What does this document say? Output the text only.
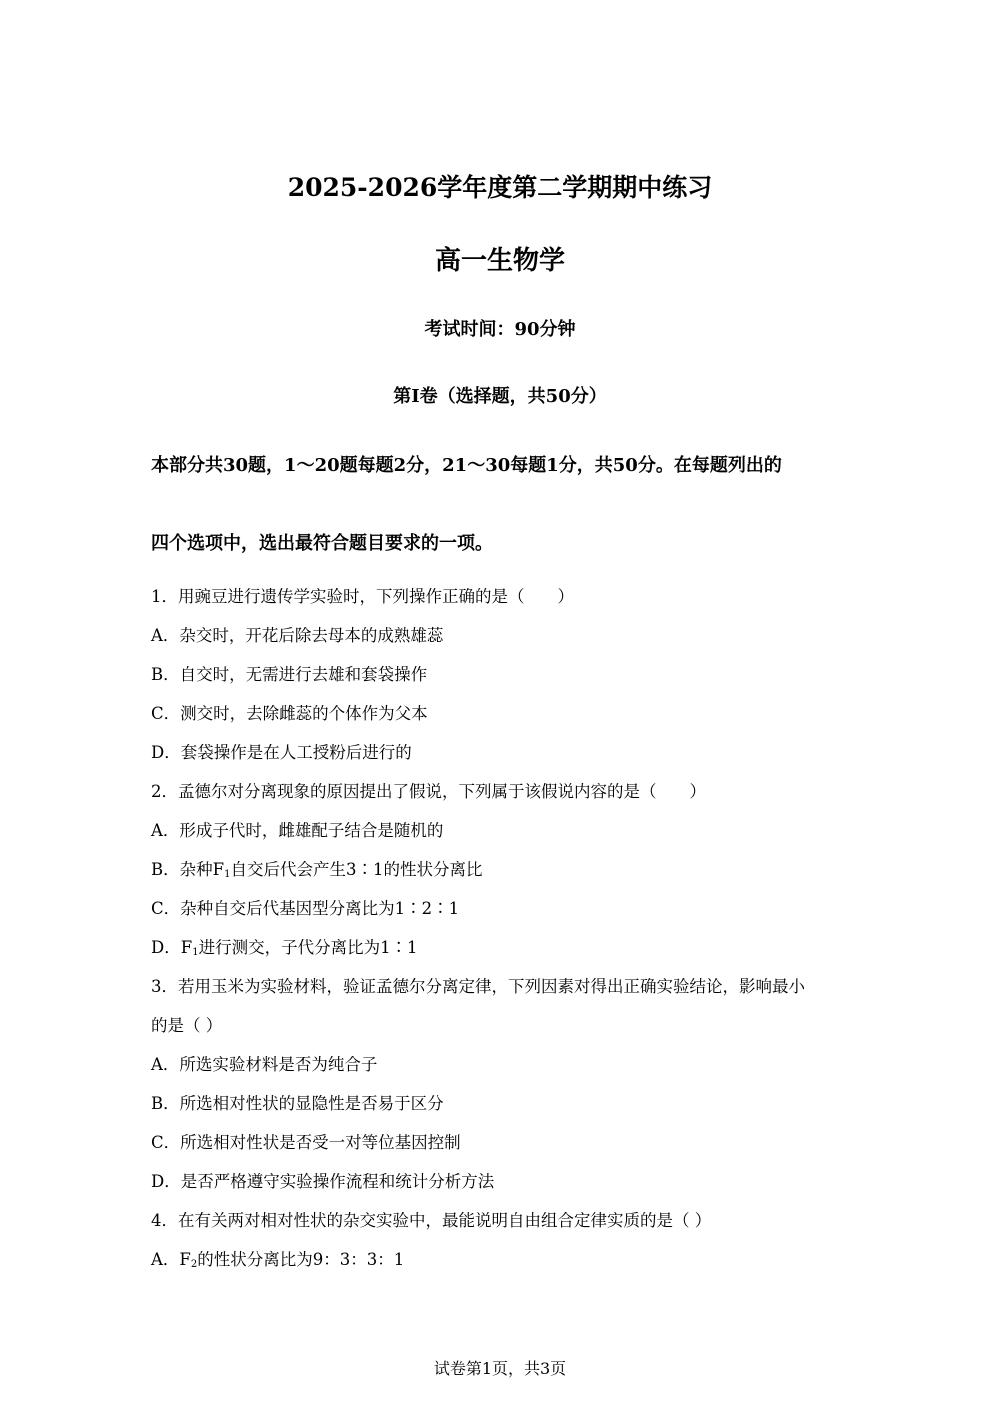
2025-2026学年度第二学期期中练习
高一生物学
考试时间：90分钟
第I卷（选择题，共50分）
本部分共30题，1～20题每题2分，21～30每题1分，共50分。在每题列出的
四个选项中，选出最符合题目要求的一项。
1．用豌豆进行遗传学实验时，下列操作正确的是（　　）
A．杂交时，开花后除去母本的成熟雄蕊
B．自交时，无需进行去雄和套袋操作
C．测交时，去除雌蕊的个体作为父本
D．套袋操作是在人工授粉后进行的
2．孟德尔对分离现象的原因提出了假说，下列属于该假说内容的是（　　）
A．形成子代时，雌雄配子结合是随机的
B．杂种$F_1$自交后代会产生3∶1的性状分离比
C．杂种自交后代基因型分离比为1∶2∶1
D．$F_1$进行测交，子代分离比为1∶1
3．若用玉米为实验材料，验证孟德尔分离定律，下列因素对得出正确实验结论，影响最小
的是（ ）
A．所选实验材料是否为纯合子
B．所选相对性状的显隐性是否易于区分
C．所选相对性状是否受一对等位基因控制
D．是否严格遵守实验操作流程和统计分析方法
4．在有关两对相对性状的杂交实验中，最能说明自由组合定律实质的是（ ）
A．$F_2$的性状分离比为9：3：3：1
试卷第1页，共3页
